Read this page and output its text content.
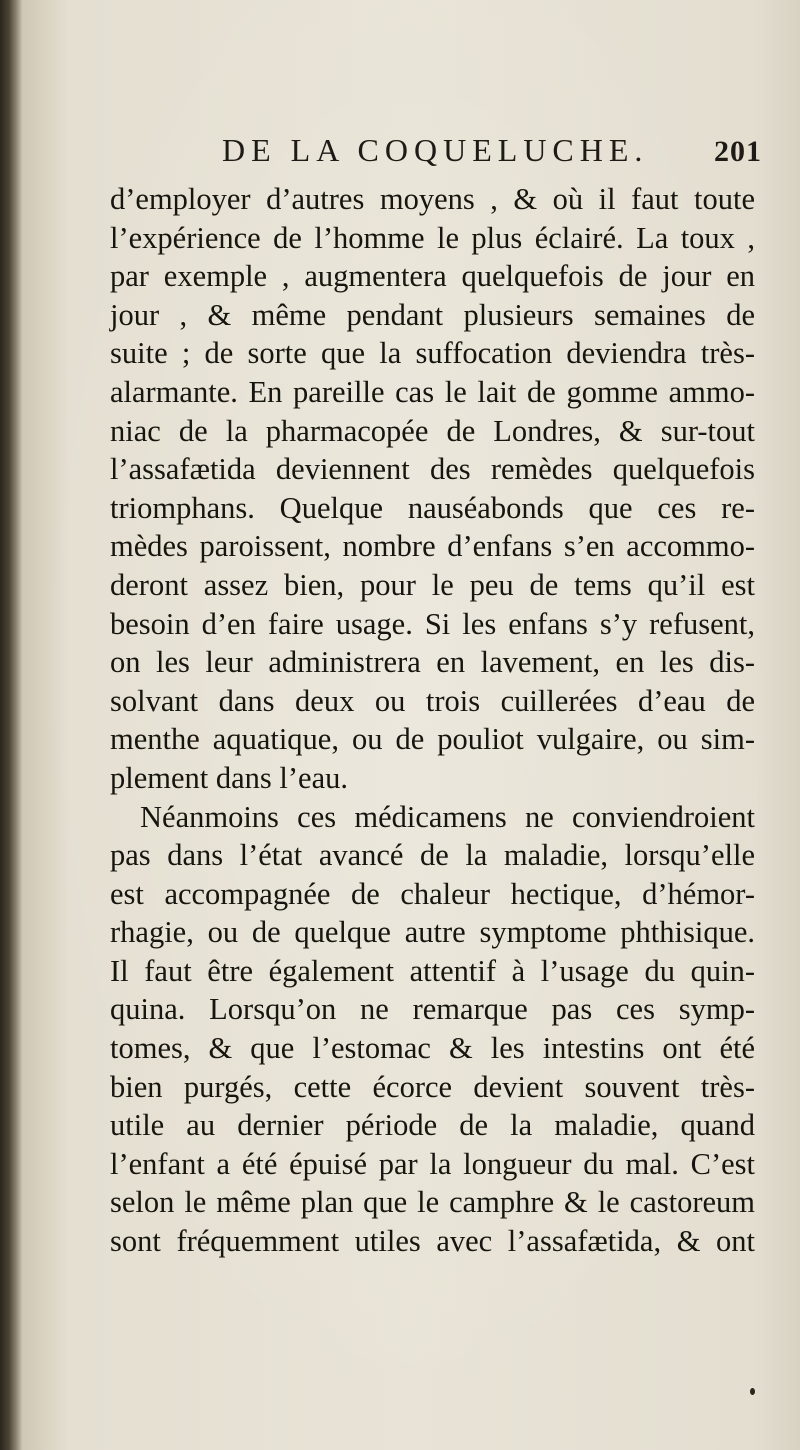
DE LA COQUELUCHE. 201
d’employer d’autres moyens , & où il faut toute
l’expérience de l’homme le plus éclairé. La toux ,
par exemple , augmentera quelquefois de jour en
jour , & même pendant plusieurs semaines de
suite ; de sorte que la suffocation deviendra très-
alarmante. En pareille cas le lait de gomme ammo-
niac de la pharmacopée de Londres, & sur-tout
l’assafætida deviennent des remèdes quelquefois
triomphans. Quelque nauséabonds que ces re-
mèdes paroissent, nombre d’enfans s’en accommo-
deront assez bien, pour le peu de tems qu’il est
besoin d’en faire usage. Si les enfans s’y refusent,
on les leur administrera en lavement, en les dis-
solvant dans deux ou trois cuillerées d’eau de
menthe aquatique, ou de pouliot vulgaire, ou sim-
plement dans l’eau.
Néanmoins ces médicamens ne conviendroient
pas dans l’état avancé de la maladie, lorsqu’elle
est accompagnée de chaleur hectique, d’hémor-
rhagie, ou de quelque autre symptome phthisique.
Il faut être également attentif à l’usage du quin-
quina. Lorsqu’on ne remarque pas ces symp-
tomes, & que l’estomac & les intestins ont été
bien purgés, cette écorce devient souvent très-
utile au dernier période de la maladie, quand
l’enfant a été épuisé par la longueur du mal. C’est
selon le même plan que le camphre & le castoreum
sont fréquemment utiles avec l’assafætida, & ont
